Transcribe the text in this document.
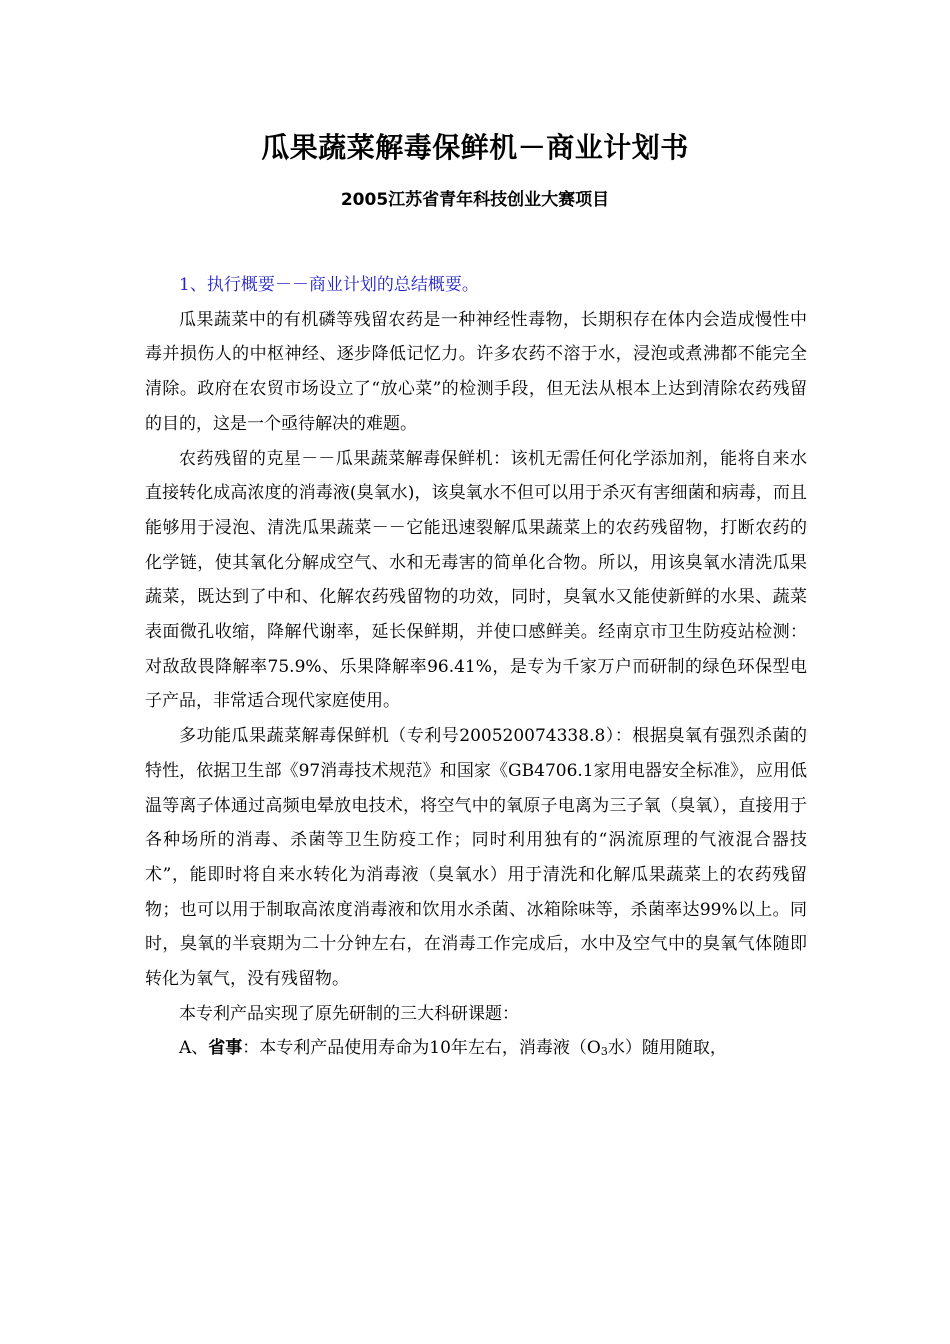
瓜果蔬菜解毒保鲜机－商业计划书
2005江苏省青年科技创业大赛项目

1、执行概要－－商业计划的总结概要。

瓜果蔬菜中的有机磷等残留农药是一种神经性毒物，长期积存在体内会造成慢性中毒并损伤人的中枢神经、逐步降低记忆力。许多农药不溶于水，浸泡或煮沸都不能完全清除。政府在农贸市场设立了“放心菜”的检测手段，但无法从根本上达到清除农药残留的目的，这是一个亟待解决的难题。

农药残留的克星－－瓜果蔬菜解毒保鲜机：该机无需任何化学添加剂，能将自来水直接转化成高浓度的消毒液(臭氧水)，该臭氧水不但可以用于杀灭有害细菌和病毒，而且能够用于浸泡、清洗瓜果蔬菜－－它能迅速裂解瓜果蔬菜上的农药残留物，打断农药的化学链，使其氧化分解成空气、水和无毒害的简单化合物。所以，用该臭氧水清洗瓜果蔬菜，既达到了中和、化解农药残留物的功效，同时，臭氧水又能使新鲜的水果、蔬菜表面微孔收缩，降解代谢率，延长保鲜期，并使口感鲜美。经南京市卫生防疫站检测：对敌敌畏降解率75.9%、乐果降解率96.41%，是专为千家万户而研制的绿色环保型电子产品，非常适合现代家庭使用。

多功能瓜果蔬菜解毒保鲜机（专利号200520074338.8）：根据臭氧有强烈杀菌的特性，依据卫生部《97消毒技术规范》和国家《GB4706.1家用电器安全标准》，应用低温等离子体通过高频电晕放电技术，将空气中的氧原子电离为三子氧（臭氧），直接用于各种场所的消毒、杀菌等卫生防疫工作；同时利用独有的“涡流原理的气液混合器技术”，能即时将自来水转化为消毒液（臭氧水）用于清洗和化解瓜果蔬菜上的农药残留物；也可以用于制取高浓度消毒液和饮用水杀菌、冰箱除味等，杀菌率达99%以上。同时，臭氧的半衰期为二十分钟左右，在消毒工作完成后，水中及空气中的臭氧气体随即转化为氧气，没有残留物。

本专利产品实现了原先研制的三大科研课题：

A、省事：本专利产品使用寿命为10年左右，消毒液（O3水）随用随取，
